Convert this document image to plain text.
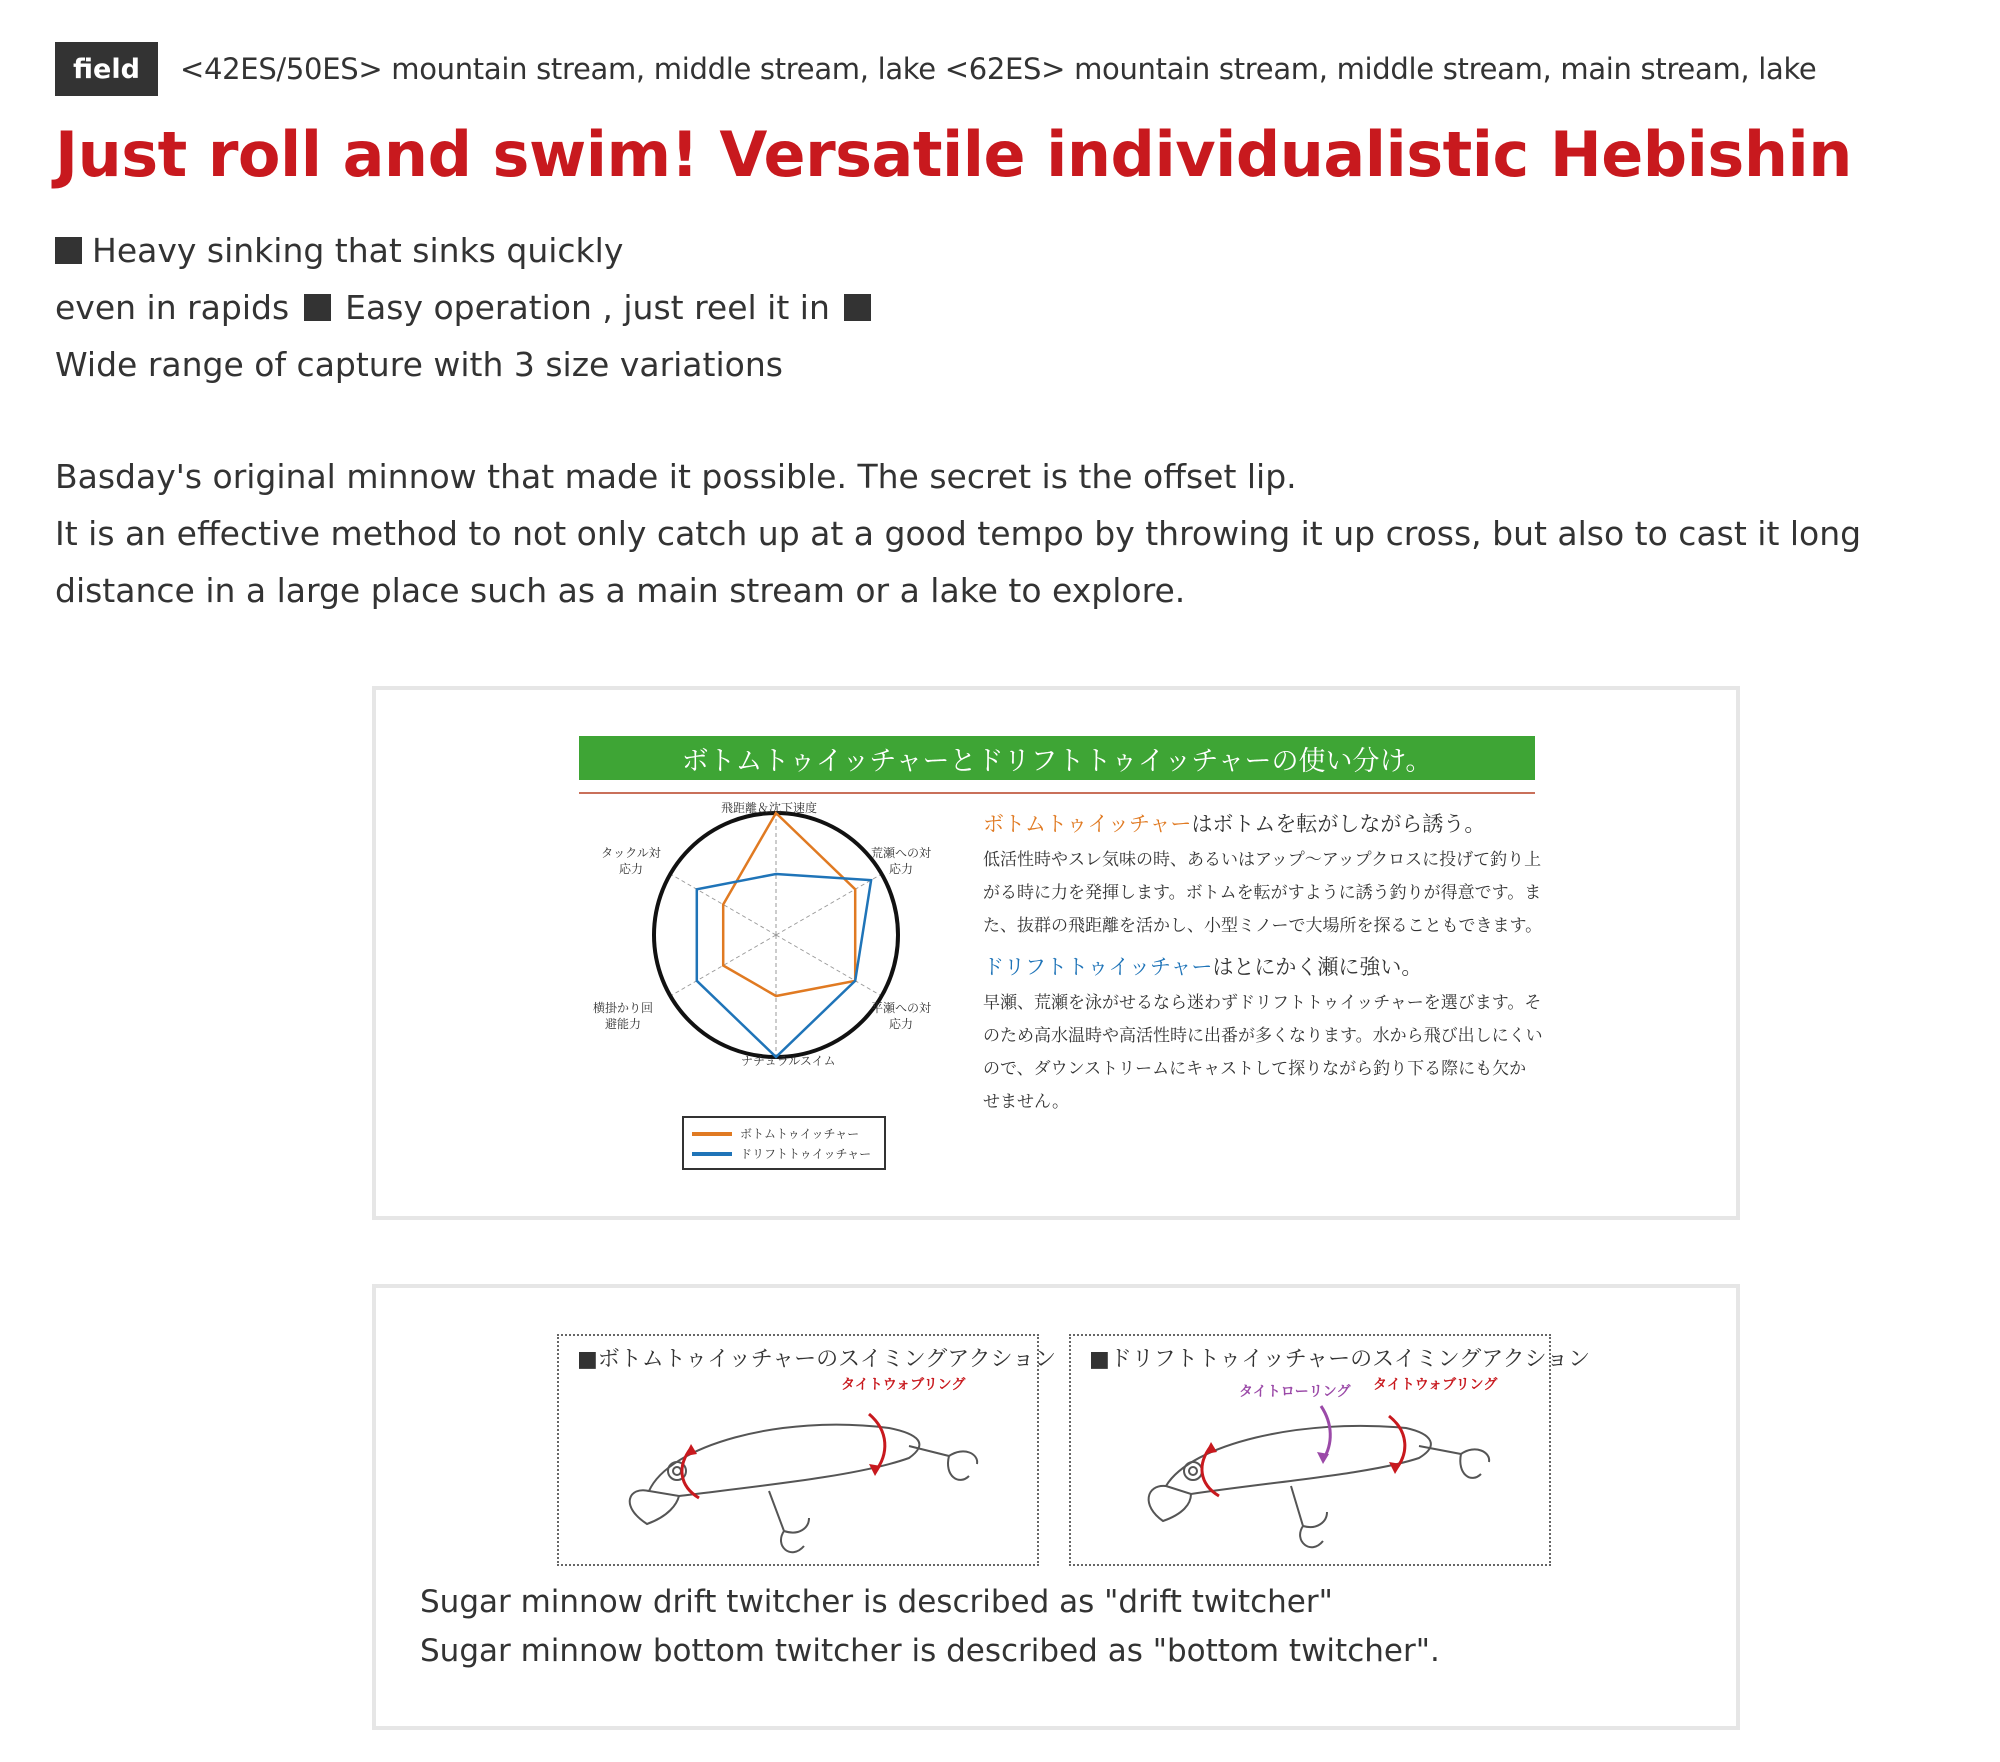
field	<42ES/50ES> mountain stream, middle stream, lake <62ES> mountain stream, middle stream, main stream, lake
Just roll and swim! Versatile individualistic Hebishin
Heavy sinking that sinks quickly
even in rapids Easy operation , just reel it in
Wide range of capture with 3 size variations
Basday's original minnow that made it possible. The secret is the offset lip.
It is an effective method to not only catch up at a good tempo by throwing it up cross, but also to cast it long distance in a large place such as a main stream or a lake to explore.
ボトムトゥイッチャーとドリフトトゥイッチャーの使い分け。
飛距離＆沈下速度
荒瀬への対応力
平瀬への対応力
ナチュラルスイム
横掛かり回避能力
タックル対応力
ボトムトゥイッチャー
ドリフトトゥイッチャー
ボトムトゥイッチャーはボトムを転がしながら誘う。
低活性時やスレ気味の時、あるいはアップ〜アップクロスに投げて釣り上がる時に力を発揮します。ボトムを転がすように誘う釣りが得意です。また、抜群の飛距離を活かし、小型ミノーで大場所を探ることもできます。
ドリフトトゥイッチャーはとにかく瀬に強い。
早瀬、荒瀬を泳がせるなら迷わずドリフトトゥイッチャーを選びます。そのため高水温時や高活性時に出番が多くなります。水から飛び出しにくいので、ダウンストリームにキャストして探りながら釣り下る際にも欠かせません。
■ボトムトゥイッチャーのスイミングアクション
タイトウォブリング
■ドリフトトゥイッチャーのスイミングアクション
タイトローリング タイトウォブリング
Sugar minnow drift twitcher is described as "drift twitcher"
Sugar minnow bottom twitcher is described as "bottom twitcher".
